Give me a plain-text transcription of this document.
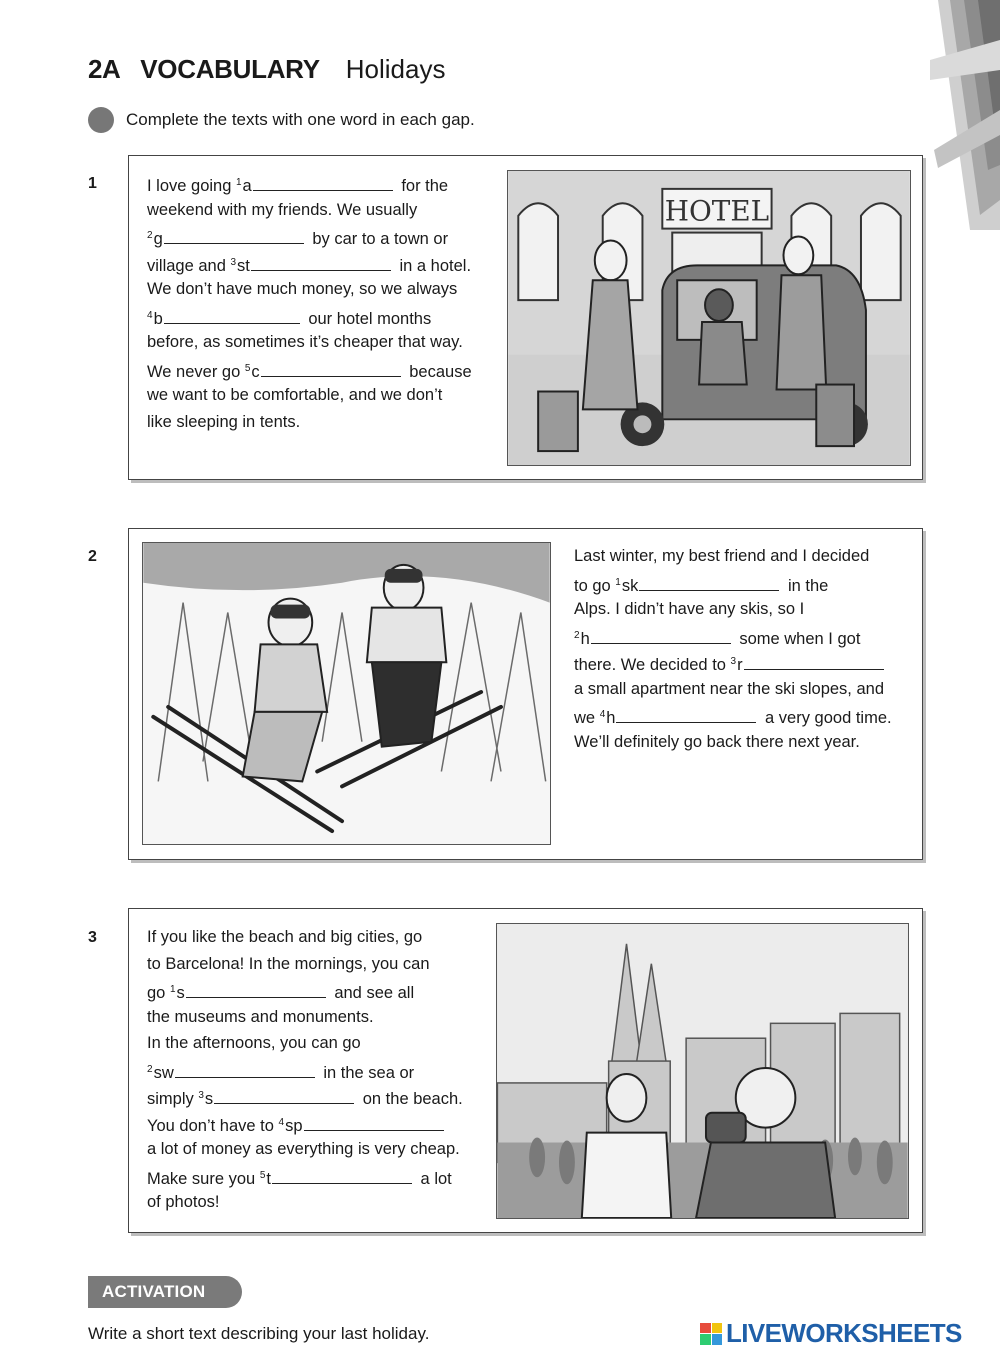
2A VOCABULARY Holidays
Complete the texts with one word in each gap.
1	I love going $^1$a	for the
weekend with my friends. We usually
$^2$g	by car to a town or
village and $^3$st	in a hotel.
We don’t have much money, so we always
$^4$b	our hotel months
before, as sometimes it’s cheaper that way.
We never go $^5$c	because
we want to be comfortable, and we don’t
like sleeping in tents.
HOTEL
2	Last winter, my best friend and I decided
to go $^1$sk	in the
Alps. I didn’t have any skis, so I
$^2$h	some when I got
there. We decided to $^3$r
a small apartment near the ski slopes, and
we $^4$h	a very good time.
We’ll definitely go back there next year.
3	If you like the beach and big cities, go
to Barcelona! In the mornings, you can
go $^1$s	and see all
the museums and monuments.
In the afternoons, you can go
$^2$sw	in the sea or
simply $^3$s	on the beach.
You don’t have to $^4$sp
a lot of money as everything is very cheap.
Make sure you $^5$t	a lot
of photos!
ACTIVATION
Write a short text describing your last holiday.	LIVEWORKSHEETS
